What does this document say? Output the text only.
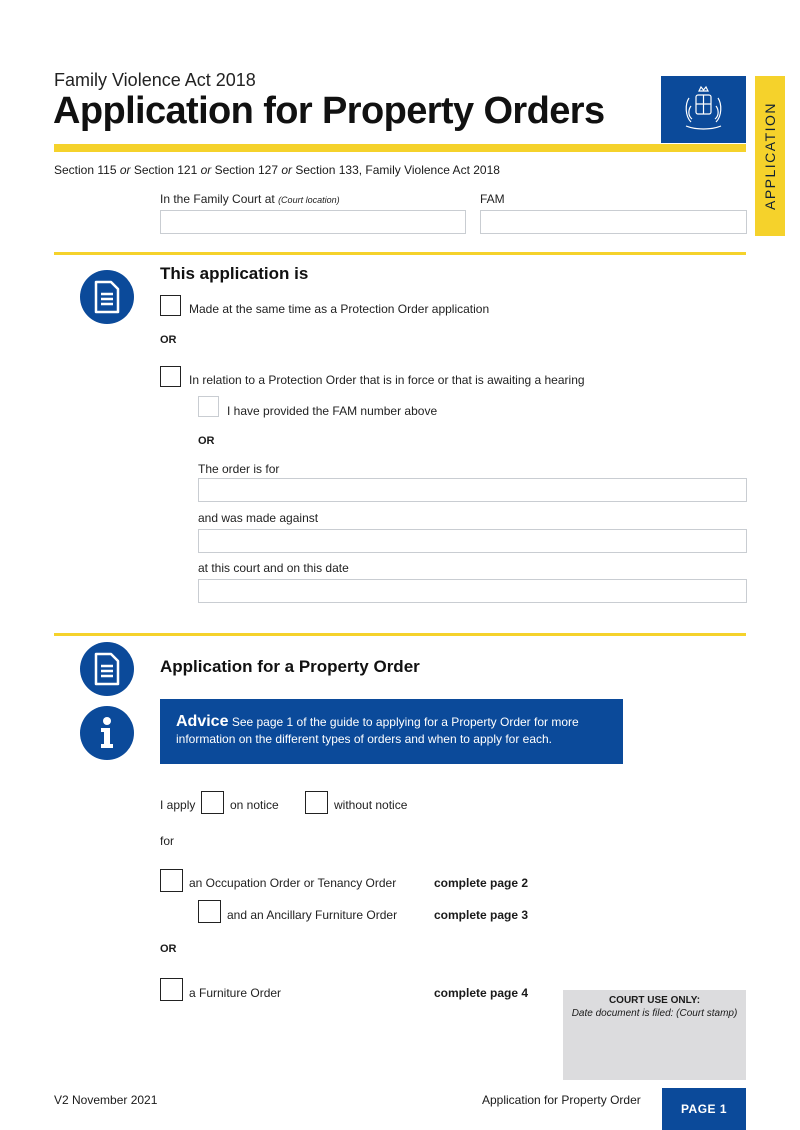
Family Violence Act 2018
Application for Property Orders	APPLICATION
Section 115 or Section 121 or Section 127 or Section 133, Family Violence Act 2018
In the Family Court at (Court location)	FAM
This application is
Made at the same time as a Protection Order application
OR
In relation to a Protection Order that is in force or that is awaiting a hearing
I have provided the FAM number above
OR
The order is for
and was made against
at this court and on this date
Application for a Property Order
Advice See page 1 of the guide to applying for a Property Order for more information on the different types of orders and when to apply for each.
I apply	on notice	without notice
for
an Occupation Order or Tenancy Order	complete page 2
and an Ancillary Furniture Order	complete page 3
OR
a Furniture Order	complete page 4
COURT USE ONLY:
Date document is filed: (Court stamp)
V2 November 2021	Application for Property Order
PAGE 1
